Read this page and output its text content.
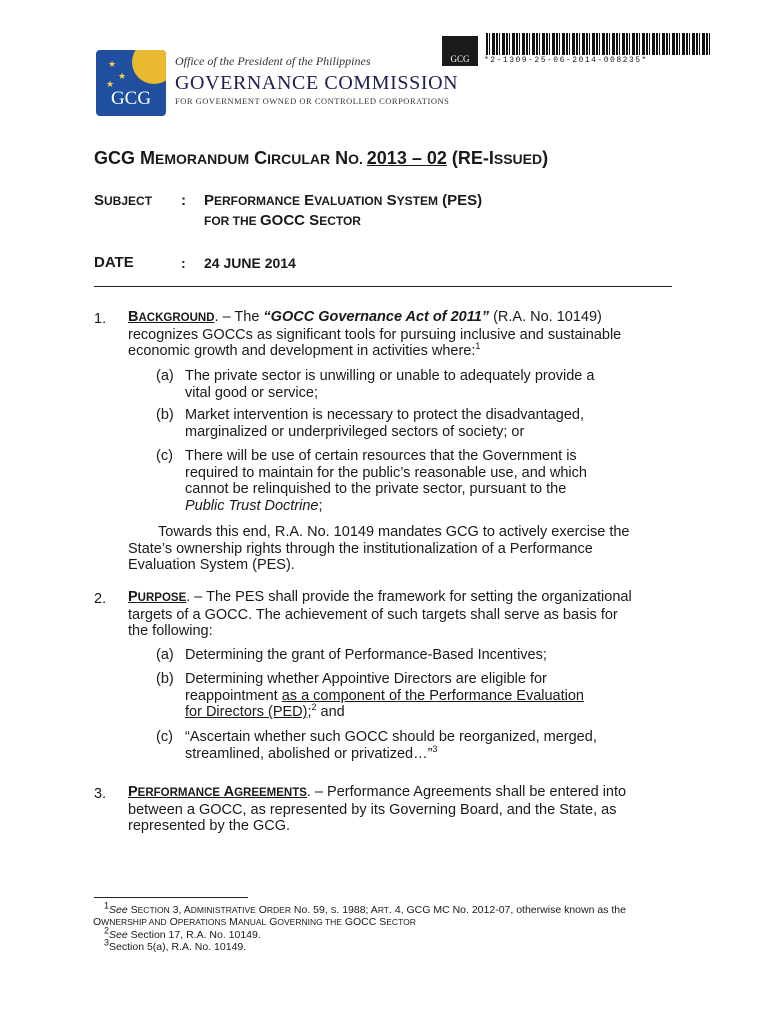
★
★
★
GCG
Office of the President of the Philippines
GOVERNANCE COMMISSION
FOR GOVERNMENT OWNED OR CONTROLLED CORPORATIONS
GCG *2-1309-25-06-2014-008235*
GCG MEMORANDUM CIRCULAR NO. 2013 – 02 (RE-ISSUED)
SUBJECT : PERFORMANCE EVALUATION SYSTEM (PES)
FOR THE GOCC SECTOR
DATE	: 24 JUNE 2014
1. BACKGROUND. – The “GOCC Governance Act of 2011” (R.A. No. 10149)
recognizes GOCCs as significant tools for pursuing inclusive and sustainable
economic growth and development in activities where:$^1$
(a) The private sector is unwilling or unable to adequately provide a
vital good or service;
(b) Market intervention is necessary to protect the disadvantaged,
marginalized or underprivileged sectors of society; or
(c) There will be use of certain resources that the Government is
required to maintain for the public’s reasonable use, and which
cannot be relinquished to the private sector, pursuant to the
Public Trust Doctrine;
Towards this end, R.A. No. 10149 mandates GCG to actively exercise the
State’s ownership rights through the institutionalization of a Performance
Evaluation System (PES).
2. PURPOSE. – The PES shall provide the framework for setting the organizational
targets of a GOCC. The achievement of such targets shall serve as basis for
the following:
(a) Determining the grant of Performance-Based Incentives;
(b) Determining whether Appointive Directors are eligible for
reappointment as a component of the Performance Evaluation
for Directors (PED);$^2$ and
(c) “Ascertain whether such GOCC should be reorganized, merged,
streamlined, abolished or privatized…”$^3$
3. PERFORMANCE AGREEMENTS. – Performance Agreements shall be entered into
between a GOCC, as represented by its Governing Board, and the State, as
represented by the GCG.
$^1$See SECTION 3, ADMINISTRATIVE ORDER No. 59, S. 1988; ART. 4, GCG MC No. 2012-07, otherwise known as the
OWNERSHIP AND OPERATIONS MANUAL GOVERNING THE GOCC SECTOR
$^2$See Section 17, R.A. No. 10149.
$^3$Section 5(a), R.A. No. 10149.
